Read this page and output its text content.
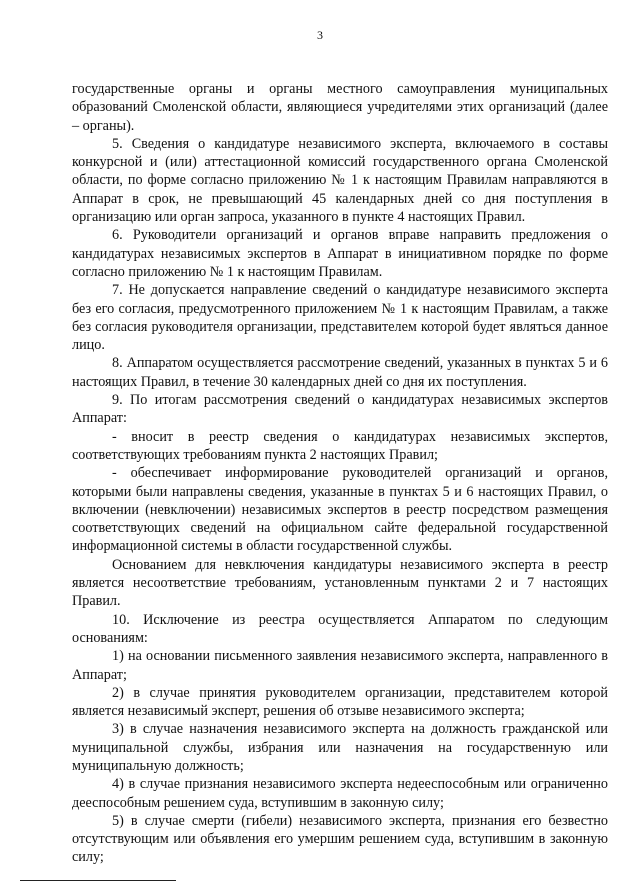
3

государственные органы и органы местного самоуправления муниципальных образований Смоленской области, являющиеся учредителями этих организаций (далее – органы).

5. Сведения о кандидатуре независимого эксперта, включаемого в составы конкурсной и (или) аттестационной комиссий государственного органа Смоленской области, по форме согласно приложению № 1 к настоящим Правилам направляются в Аппарат в срок, не превышающий 45 календарных дней со дня поступления в организацию или орган запроса, указанного в пункте 4 настоящих Правил.

6. Руководители организаций и органов вправе направить предложения о кандидатурах независимых экспертов в Аппарат в инициативном порядке по форме согласно приложению № 1 к настоящим Правилам.

7. Не допускается направление сведений о кандидатуре независимого эксперта без его согласия, предусмотренного приложением № 1 к настоящим Правилам, а также без согласия руководителя организации, представителем которой будет являться данное лицо.

8. Аппаратом осуществляется рассмотрение сведений, указанных в пунктах 5 и 6 настоящих Правил, в течение 30 календарных дней со дня их поступления.

9. По итогам рассмотрения сведений о кандидатурах независимых экспертов Аппарат:

- вносит в реестр сведения о кандидатурах независимых экспертов, соответствующих требованиям пункта 2 настоящих Правил;

- обеспечивает информирование руководителей организаций и органов, которыми были направлены сведения, указанные в пунктах 5 и 6 настоящих Правил, о включении (невключении) независимых экспертов в реестр посредством размещения соответствующих сведений на официальном сайте федеральной государственной информационной системы в области государственной службы.

Основанием для невключения кандидатуры независимого эксперта в реестр является несоответствие требованиям, установленным пунктами 2 и 7 настоящих Правил.

10. Исключение из реестра осуществляется Аппаратом по следующим основаниям:

1) на основании письменного заявления независимого эксперта, направленного в Аппарат;

2) в случае принятия руководителем организации, представителем которой является независимый эксперт, решения об отзыве независимого эксперта;

3) в случае назначения независимого эксперта на должность гражданской или муниципальной службы, избрания или назначения на государственную или муниципальную должность;

4) в случае признания независимого эксперта недееспособным или ограниченно дееспособным решением суда, вступившим в законную силу;

5) в случае смерти (гибели) независимого эксперта, признания его безвестно отсутствующим или объявления его умершим решением суда, вступившим в законную силу;
